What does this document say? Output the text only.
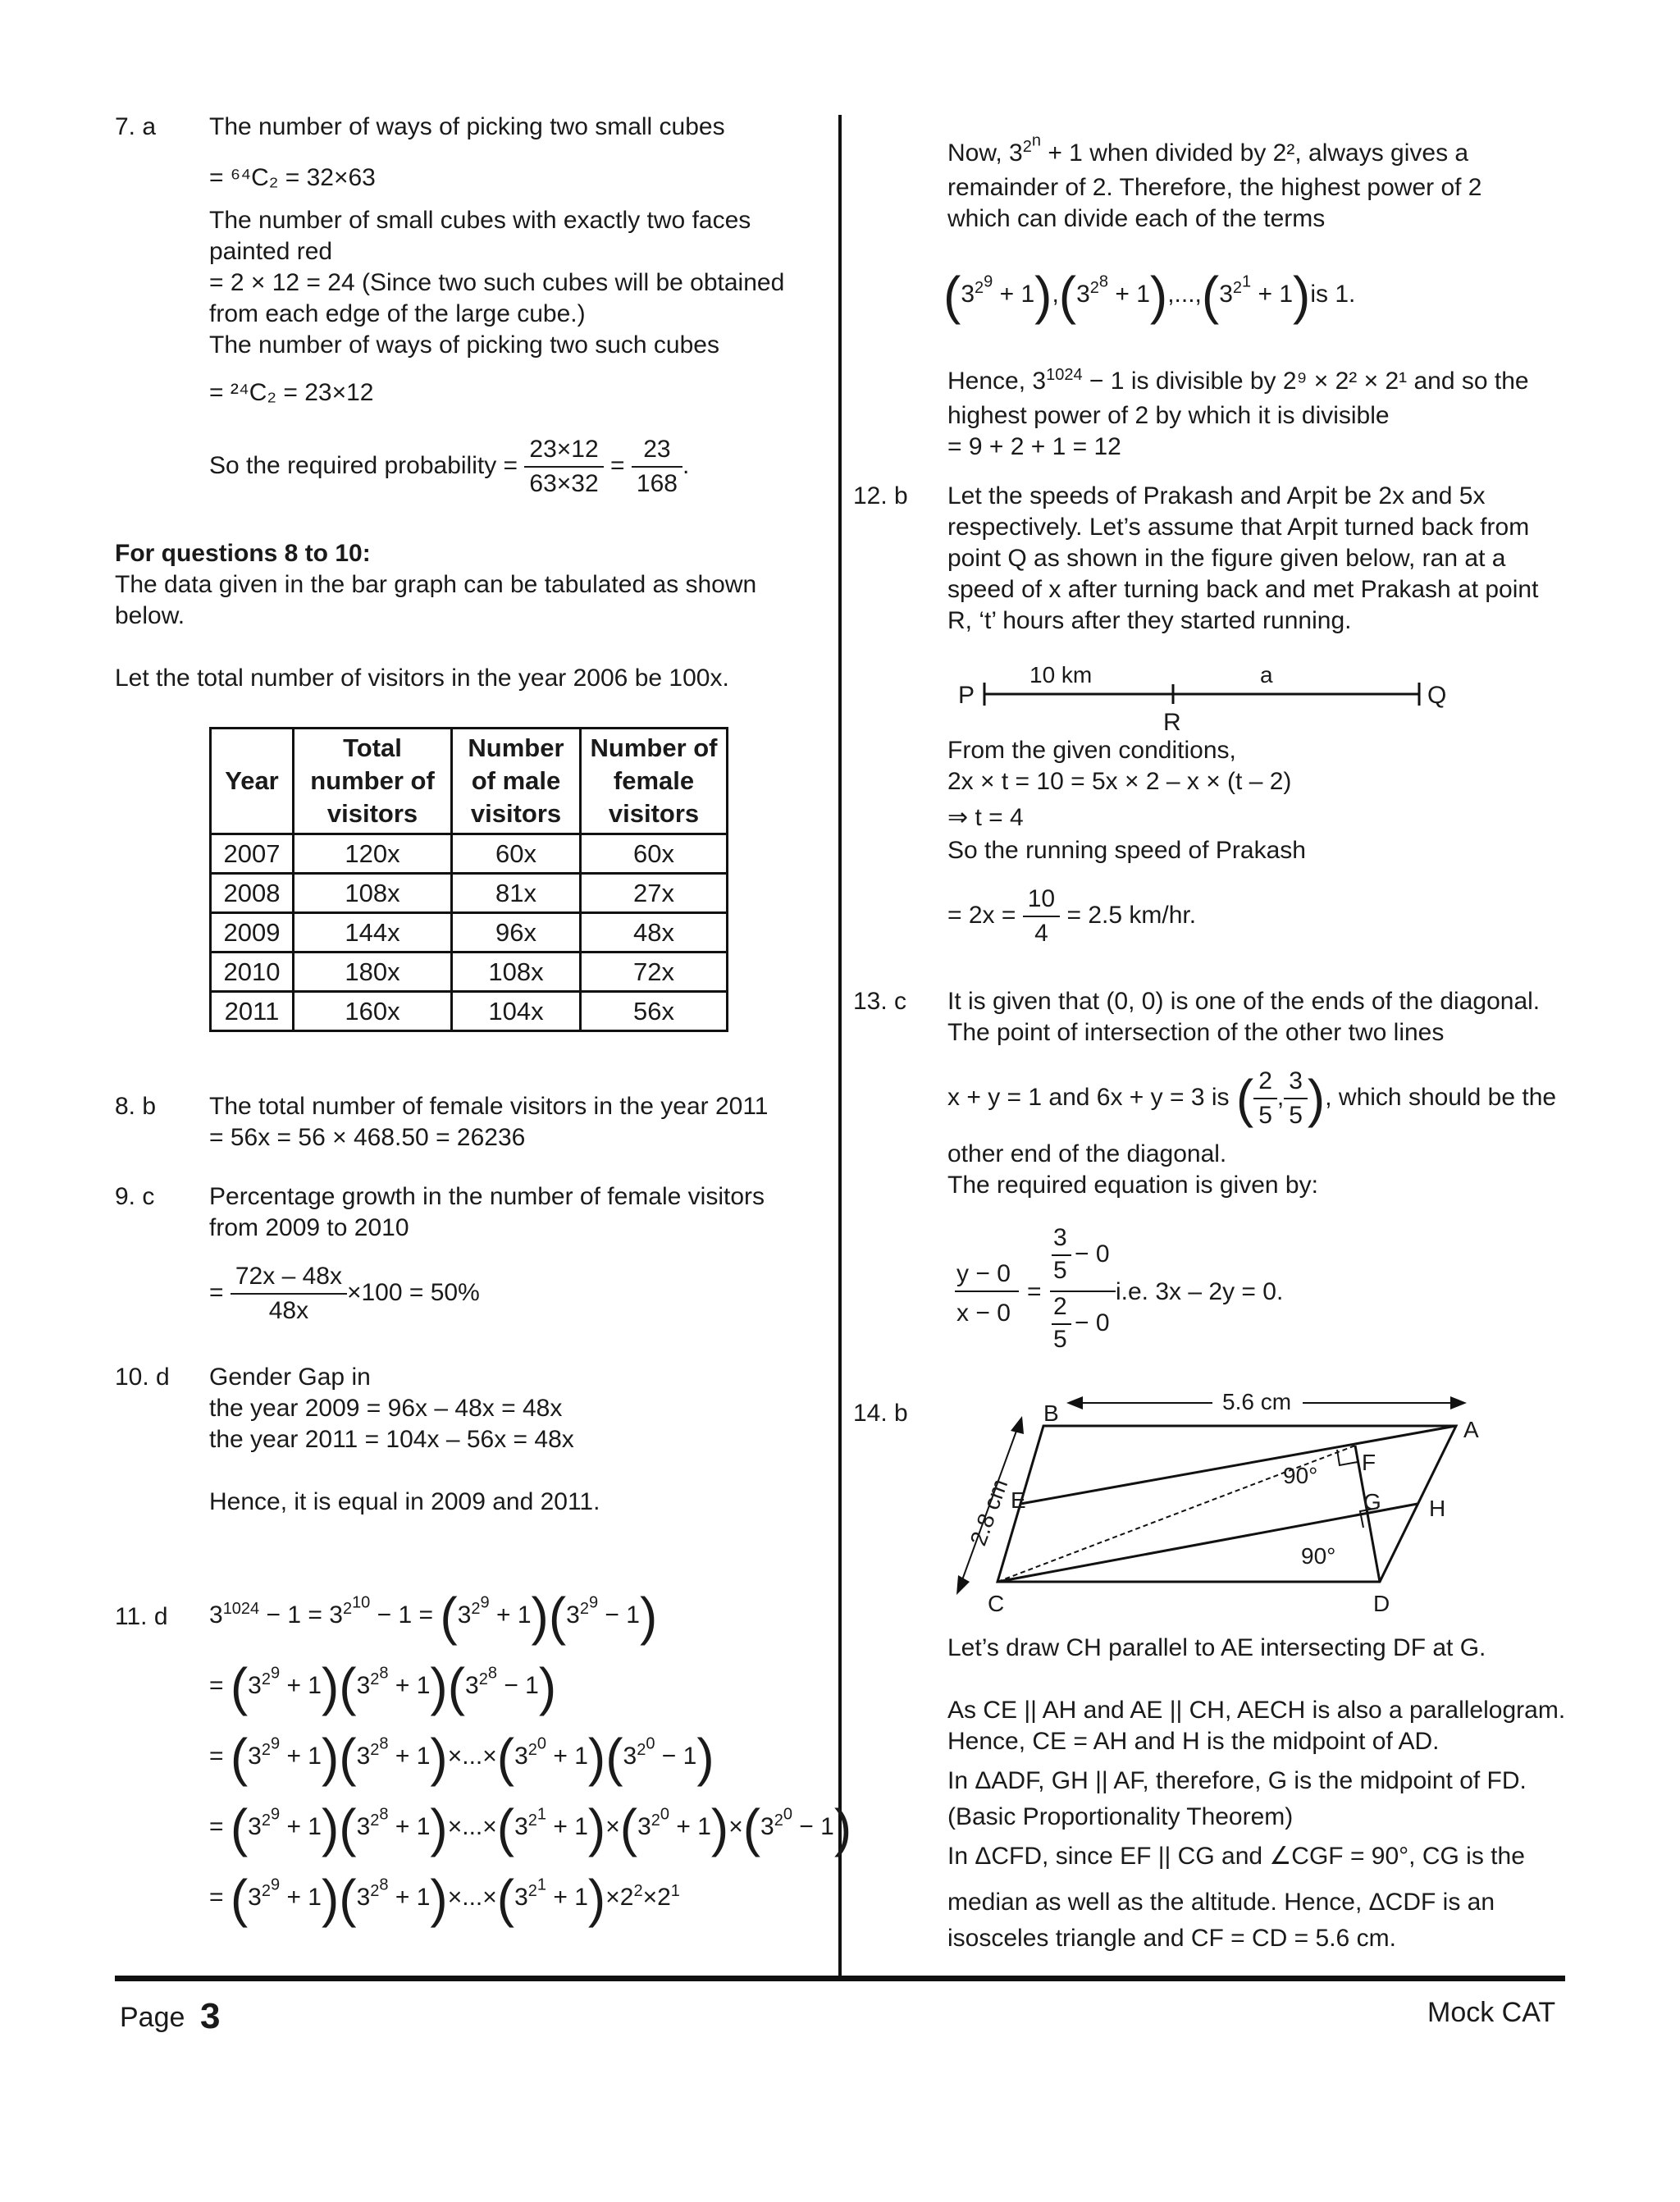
7. a The number of ways of picking two small cubes
= ⁶⁴C₂ = 32×63
The number of small cubes with exactly two faces
painted red
= 2 × 12 = 24 (Since two such cubes will be obtained
from each edge of the large cube.)
The number of ways of picking two such cubes
= ²⁴C₂ = 23×12
So the required probability = $\frac{23\times 12}{63\times 32} = \frac{23}{168}$ .
For questions 8 to 10:
The data given in the bar graph can be tabulated as shown
below.
Let the total number of visitors in the year 2006 be 100x.
Year	Total number of visitors	Number of male visitors	Number of female visitors
2007	120x	60x	60x
2008	108x	81x	27x
2009	144x	96x	48x
2010	180x	108x	72x
2011	160x	104x	56x
8. b The total number of female visitors in the year 2011
= 56x = 56 × 468.50 = 26236
9. c Percentage growth in the number of female visitors
from 2009 to 2010
= $\frac{72x - 48x}{48x} \times 100 = 50\%$
10. d Gender Gap in
the year 2009 = 96x – 48x = 48x
the year 2011 = 104x – 56x = 48x
Hence, it is equal in 2009 and 2011.
11. d $3^{1024} - 1 = 3^{2^{10}} - 1 = (3^{2^9} + 1)(3^{2^9} - 1)$
= $(3^{2^9} + 1)(3^{2^8} + 1)(3^{2^8} - 1)$
= $(3^{2^9} + 1)(3^{2^8} + 1)\times...\times(3^{2^0} + 1)(3^{2^0} - 1)$
= $(3^{2^9} + 1)(3^{2^8} + 1)\times...\times(3^{2^1} + 1)\times(3^{2^0} + 1)\times(3^{2^0} - 1)$
= $(3^{2^9} + 1)(3^{2^8} + 1)\times...\times(3^{2^1} + 1)\times 2^2\times 2^1$
Now, $3^{2^n} + 1$ when divided by 2², always gives a
remainder of 2. Therefore, the highest power of 2
which can divide each of the terms
$(3^{2^9} + 1),(3^{2^8} + 1),...,(3^{2^1} + 1)is$ 1.
Hence, $3^{1024} - 1$ is divisible by 2⁹ × 2² × 2¹ and so the
highest power of 2 by which it is divisible
= 9 + 2 + 1 = 12
12. b Let the speeds of Prakash and Arpit be 2x and 5x
respectively. Let’s assume that Arpit turned back from
point Q as shown in the figure given below, ran at a
speed of x after turning back and met Prakash at point
R, ‘t’ hours after they started running.
P	Q
R
10 km	a
From the given conditions,
2x × t = 10 = 5x × 2 – x × (t – 2)
⇒ t = 4
So the running speed of Prakash
= $2x = \frac{10}{4} = 2.5$ km/hr.
13. c It is given that (0, 0) is one of the ends of the diagonal.
The point of intersection of the other two lines
x + y = 1 and 6x + y = 3 is ( $\frac{2}{5}$ , $\frac{3}{5}$ ), which should be the
other end of the diagonal.
The required equation is given by:
y − 0
x − 0
=
3
5
− 0
2
5
− 0
i.e. 3x – 2y = 0.
14. b	5.6 cm
2.8 cm	90°
90°
B
A
C	D
E
F
G H
Let’s draw CH parallel to AE intersecting DF at G.
As CE || AH and AE || CH, AECH is also a parallelogram.
Hence, CE = AH and H is the midpoint of AD.
In ΔADF, GH || AF, therefore, G is the midpoint of FD.
(Basic Proportionality Theorem)
In ΔCFD, since EF || CG and ∠CGF = 90°, CG is the
median as well as the altitude. Hence, ΔCDF is an
isosceles triangle and CF = CD = 5.6 cm.
Page 3	Mock CAT
